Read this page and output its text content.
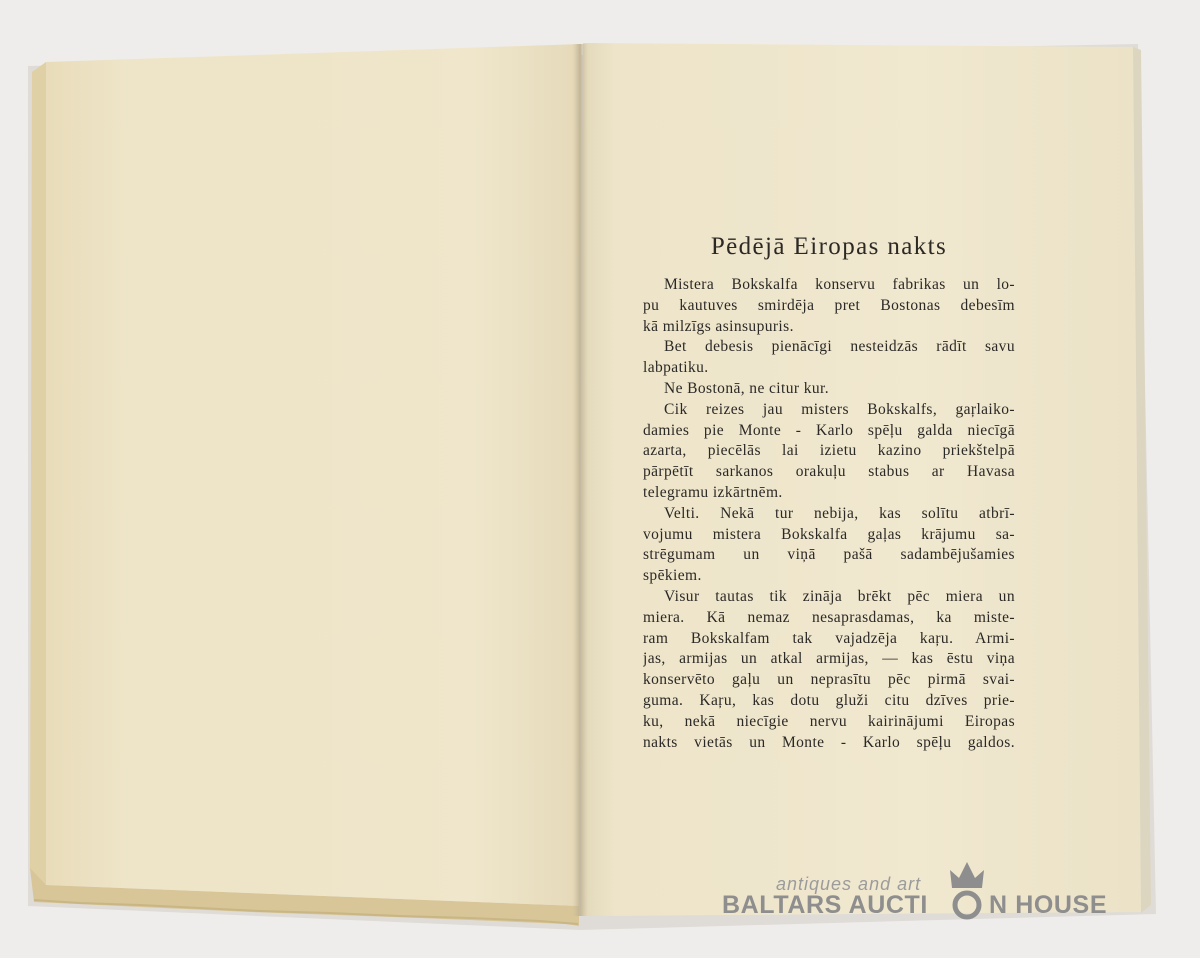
Pēdējā Eiropas nakts
Mistera Bokskalfa konservu fabrikas un lo-
pu kautuves smirdēja pret Bostonas debesīm
kā milzīgs asinsupuris.
Bet debesis pienācīgi nesteidzās rādīt savu
labpatiku.
Ne Bostonā, ne citur kur.
Cik reizes jau misters Bokskalfs, gaŗlaiko-
damies pie Monte - Karlo spēļu galda niecīgā
azarta, piecēlās lai izietu kazino priekštelpā
pārpētīt sarkanos orakuļu stabus ar Havasa
telegramu izkārtnēm.
Velti. Nekā tur nebija, kas solītu atbrī-
vojumu mistera Bokskalfa gaļas krājumu sa-
strēgumam un viņā pašā sadambējušamies
spēkiem.
Visur tautas tik zināja brēkt pēc miera un
miera. Kā nemaz nesaprasdamas, ka miste-
ram Bokskalfam tak vajadzēja kaŗu. Armi-
jas, armijas un atkal armijas, — kas ēstu viņa
konservēto gaļu un neprasītu pēc pirmā svai-
guma. Kaŗu, kas dotu gluži citu dzīves prie-
ku, nekā niecīgie nervu kairinājumi Eiropas
nakts vietās un Monte - Karlo spēļu galdos.
antiques and art
BALTARS AUCTI N HOUSE
